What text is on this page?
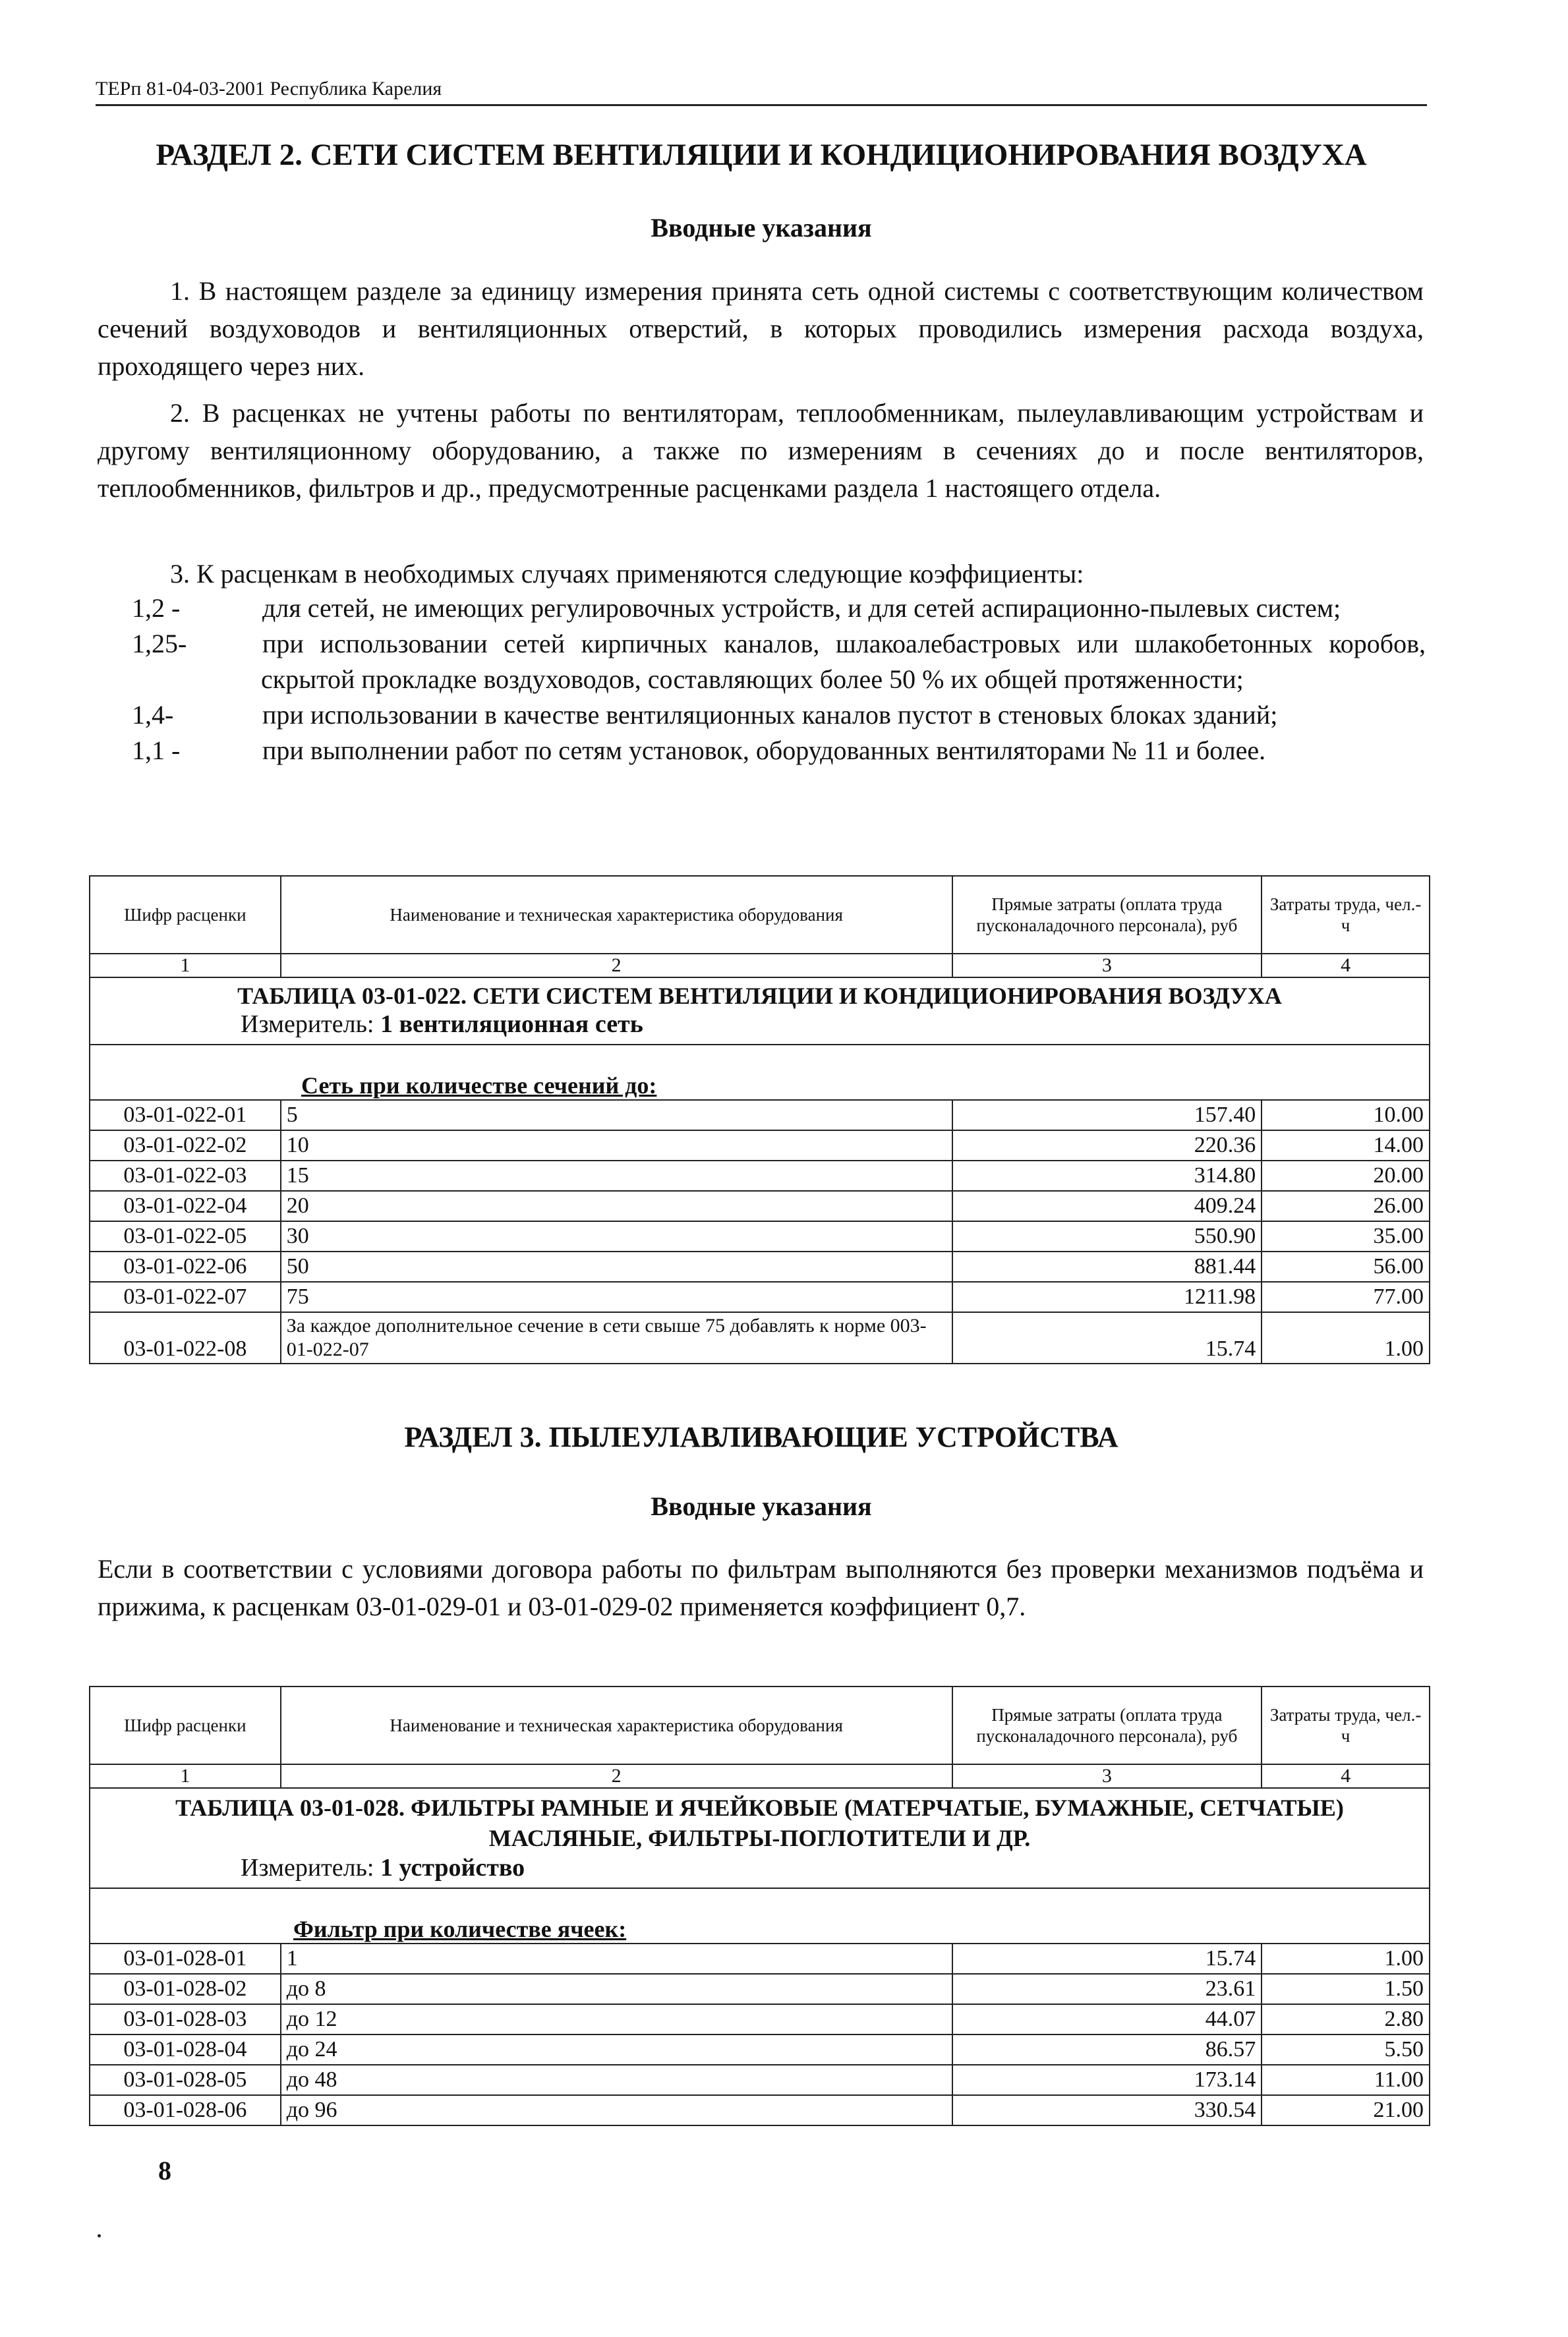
ТЕРп 81-04-03-2001 Республика Карелия
РАЗДЕЛ 2. СЕТИ СИСТЕМ ВЕНТИЛЯЦИИ И КОНДИЦИОНИРОВАНИЯ ВОЗДУХА
Вводные указания
1. В настоящем разделе за единицу измерения принята сеть одной системы с соответствующим количеством сечений воздуховодов и вентиляционных отверстий, в которых проводились измерения расхода воздуха, проходящего через них.
2. В расценках не учтены работы по вентиляторам, теплообменникам, пылеулавливающим устройствам и другому вентиляционному оборудованию, а также по измерениям в сечениях до и после вентиляторов, теплообменников, фильтров и др., предусмотренные расценками раздела 1 настоящего отдела.
3. К расценкам в необходимых случаях применяются следующие коэффициенты:
1,2 -	для сетей, не имеющих регулировочных устройств, и для сетей аспирационно-пылевых систем;
1,25-	при использовании сетей кирпичных каналов, шлакоалебастровых или шлакобетонных коробов, скрытой прокладке воздуховодов, составляющих более 50 % их общей протяженности;
1,4-	при использовании в качестве вентиляционных каналов пустот в стеновых блоках зданий;
1,1 -	при выполнении работ по сетям установок, оборудованных вентиляторами № 11 и более.
Шифр расценки	Наименование и техническая характеристика оборудования	Прямые затраты (оплата труда пусконаладочного персонала), руб	Затраты труда, чел.-ч
1	2	3	4

ТАБЛИЦА 03-01-022. СЕТИ СИСТЕМ ВЕНТИЛЯЦИИ И КОНДИЦИОНИРОВАНИЯ ВОЗДУХА
Измеритель: 1 вентиляционная сеть			

Сеть при количестве сечений до:			
03-01-022-01	5	157.40	10.00
03-01-022-02	10	220.36	14.00
03-01-022-03	15	314.80	20.00
03-01-022-04	20	409.24	26.00
03-01-022-05	30	550.90	35.00
03-01-022-06	50	881.44	56.00
03-01-022-07	75	1211.98	77.00
03-01-022-08	За каждое дополнительное сечение в сети свыше 75 добавлять к норме 003-01-022-07	15.74	1.00
РАЗДЕЛ 3. ПЫЛЕУЛАВЛИВАЮЩИЕ УСТРОЙСТВА
Вводные указания
Если в соответствии с условиями договора работы по фильтрам выполняются без проверки механизмов подъёма и прижима, к расценкам 03-01-029-01 и 03-01-029-02 применяется коэффициент 0,7.
Шифр расценки	Наименование и техническая характеристика оборудования	Прямые затраты (оплата труда пусконаладочного персонала), руб	Затраты труда, чел.-ч
1	2	3	4

ТАБЛИЦА 03-01-028. ФИЛЬТРЫ РАМНЫЕ И ЯЧЕЙКОВЫЕ (МАТЕРЧАТЫЕ, БУМАЖНЫЕ, СЕТЧАТЫЕ) МАСЛЯНЫЕ, ФИЛЬТРЫ-ПОГЛОТИТЕЛИ И ДР.
Измеритель: 1 устройство			

Фильтр при количестве ячеек:			
03-01-028-01	1	15.74	1.00
03-01-028-02	до 8	23.61	1.50
03-01-028-03	до 12	44.07	2.80
03-01-028-04	до 24	86.57	5.50
03-01-028-05	до 48	173.14	11.00
03-01-028-06	до 96	330.54	21.00
8
